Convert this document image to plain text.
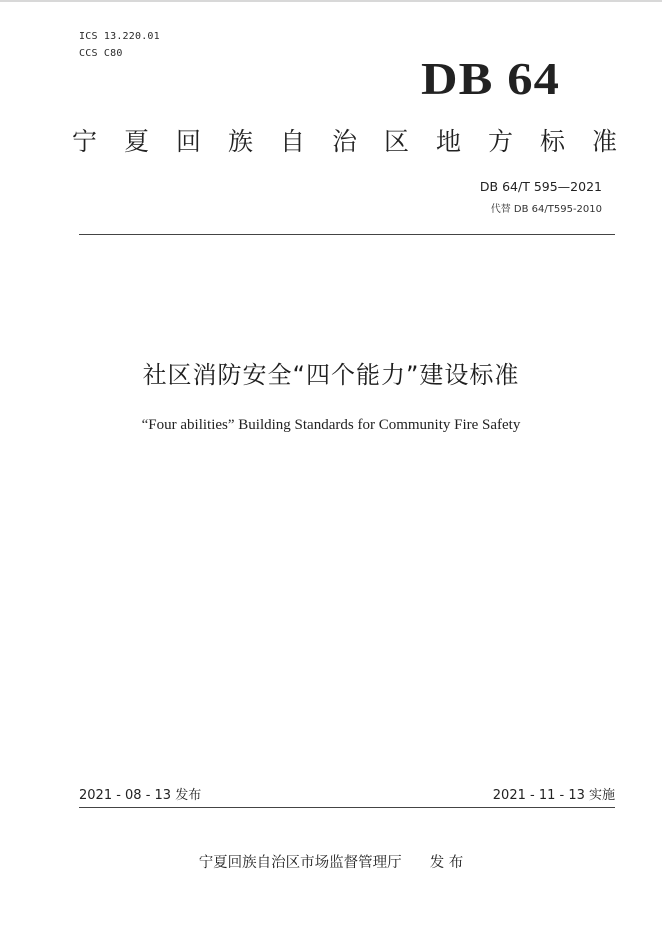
ICS 13.220.01
CCS C80	DB 64
宁夏回族自治区地方标准
DB 64/T 595—2021
代替 DB 64/T595-2010
社区消防安全“四个能力”建设标准
“Four abilities” Building Standards for Community Fire Safety
2021 - 08 - 13 发布	2021 - 11 - 13 实施
宁夏回族自治区市场监督管理厅 发 布
